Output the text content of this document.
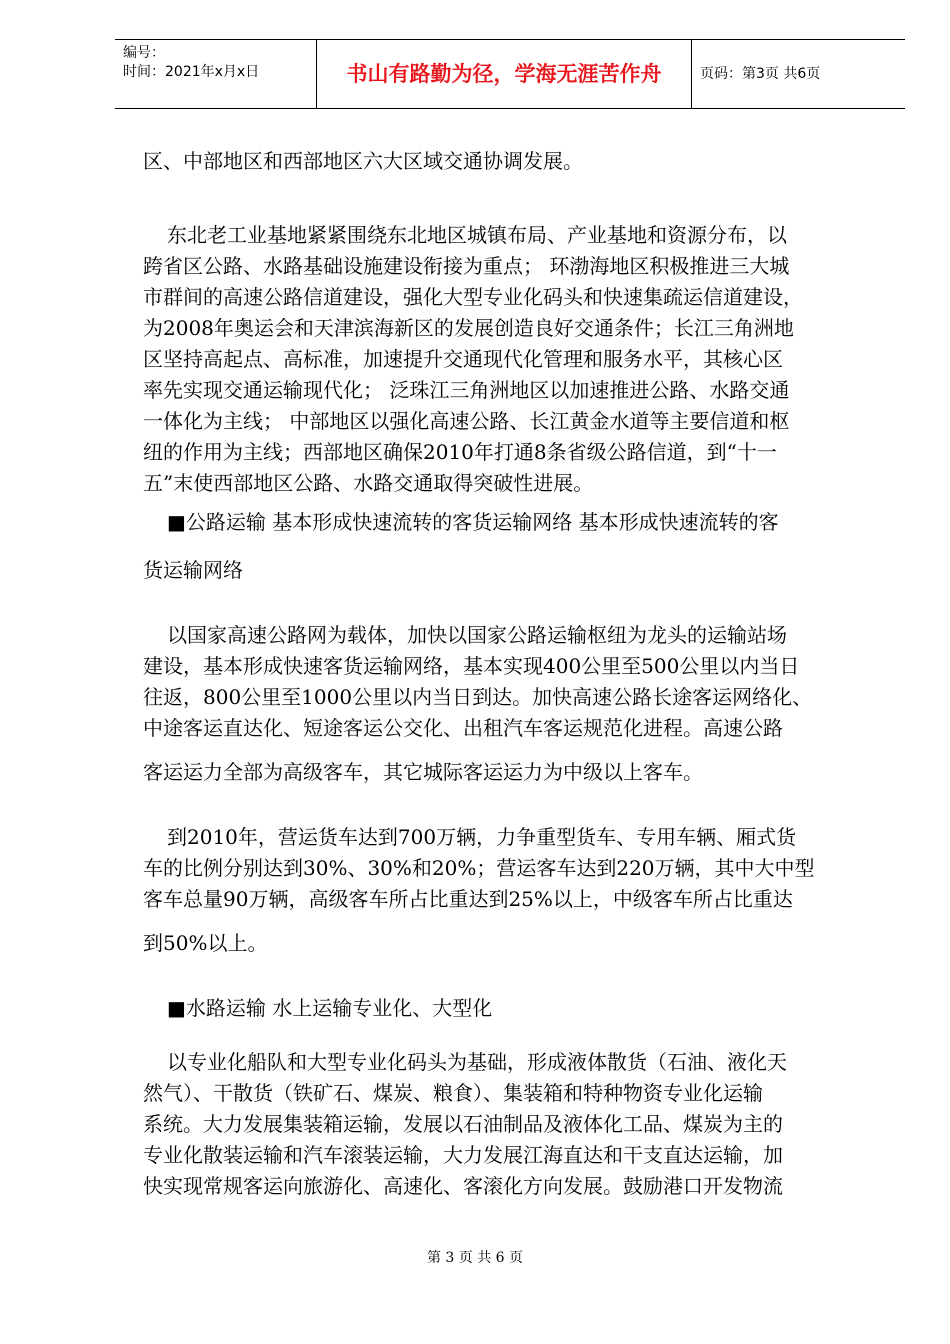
编号：
时间：2021年x月x日	书山有路勤为径，学海无涯苦作舟	页码：第3页 共6页
区、中部地区和西部地区六大区域交通协调发展。
东北老工业基地紧紧围绕东北地区城镇布局、产业基地和资源分布，以
跨省区公路、水路基础设施建设衔接为重点； 环渤海地区积极推进三大城
市群间的高速公路信道建设，强化大型专业化码头和快速集疏运信道建设，
为2008年奥运会和天津滨海新区的发展创造良好交通条件；长江三角洲地
区坚持高起点、高标准，加速提升交通现代化管理和服务水平，其核心区
率先实现交通运输现代化； 泛珠江三角洲地区以加速推进公路、水路交通
一体化为主线； 中部地区以强化高速公路、长江黄金水道等主要信道和枢
纽的作用为主线；西部地区确保2010年打通8条省级公路信道，到“十一
五”末使西部地区公路、水路交通取得突破性进展。
■公路运输 基本形成快速流转的客货运输网络 基本形成快速流转的客
货运输网络
以国家高速公路网为载体，加快以国家公路运输枢纽为龙头的运输站场
建设，基本形成快速客货运输网络，基本实现400公里至500公里以内当日
往返，800公里至1000公里以内当日到达。加快高速公路长途客运网络化、
中途客运直达化、短途客运公交化、出租汽车客运规范化进程。高速公路
客运运力全部为高级客车，其它城际客运运力为中级以上客车。
到2010年，营运货车达到700万辆，力争重型货车、专用车辆、厢式货
车的比例分别达到30%、30%和20%；营运客车达到220万辆，其中大中型
客车总量90万辆，高级客车所占比重达到25%以上，中级客车所占比重达
到50%以上。
■水路运输 水上运输专业化、大型化
以专业化船队和大型专业化码头为基础，形成液体散货（石油、液化天
然气）、干散货（铁矿石、煤炭、粮食）、集装箱和特种物资专业化运输
系统。大力发展集装箱运输，发展以石油制品及液体化工品、煤炭为主的
专业化散装运输和汽车滚装运输，大力发展江海直达和干支直达运输，加
快实现常规客运向旅游化、高速化、客滚化方向发展。鼓励港口开发物流
第 3 页 共 6 页
